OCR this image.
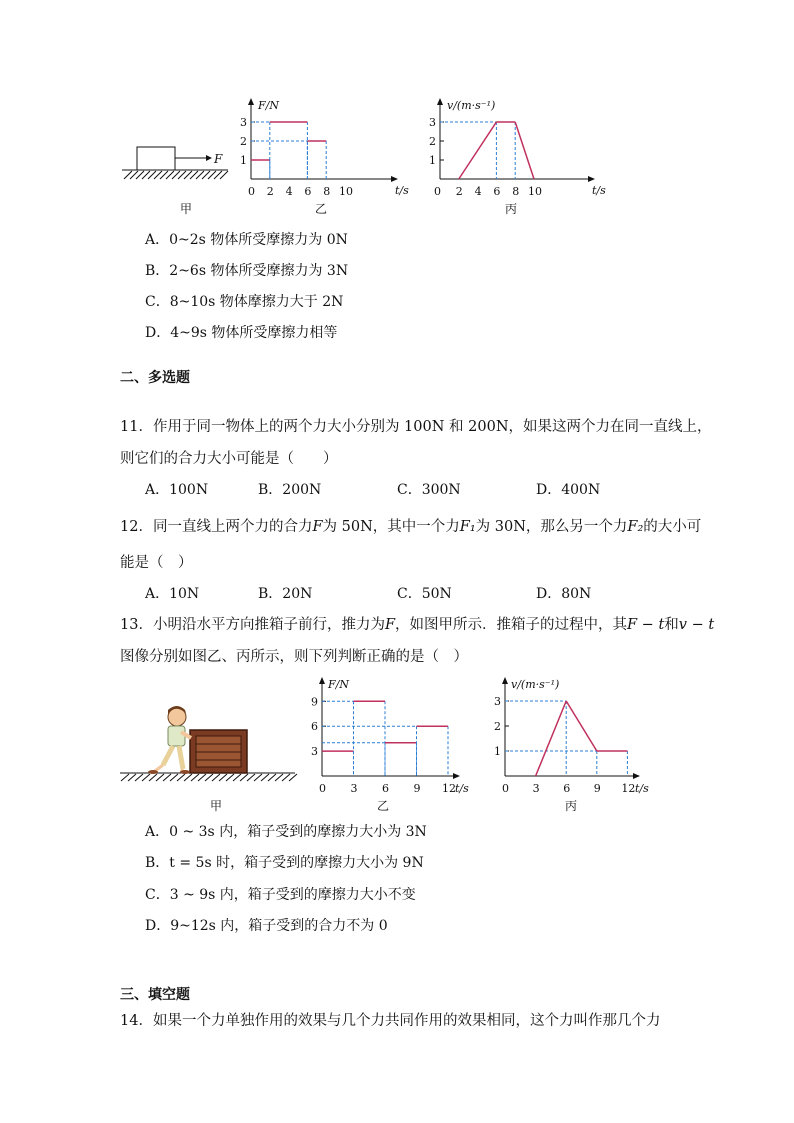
F
甲
F/N
t/s
0 2 4 6 8 10
1
2
3
乙
v/(m·s⁻¹)
t/s
0 2 4 6 8 10
1
2
3
丙
A．0~2s 物体所受摩擦力为 0N
B．2~6s 物体所受摩擦力为 3N
C．8~10s 物体摩擦力大于 2N
D．4~9s 物体所受摩擦力相等
二、多选题
11．作用于同一物体上的两个力大小分别为 100N 和 200N，如果这两个力在同一直线上，
则它们的合力大小可能是（　　）
A．100N	B．200N	C．300N	D．400N
12．同一直线上两个力的合力F为 50N，其中一个力F₁为 30N，那么另一个力F₂的大小可
能是（　）
A．10N	B．20N	C．50N	D．80N
13．小明沿水平方向推箱子前行，推力为F，如图甲所示．推箱子的过程中，其F − t和v − t
图像分别如图乙、丙所示，则下列判断正确的是（　）
甲
F/N
t/s
0 3 6 9 12
3
6
9
乙
v/(m·s⁻¹)
t/s
0 3 6 9 12
1
2
3
丙
A．0 ~ 3s 内，箱子受到的摩擦力大小为 3N
B．t = 5s 时，箱子受到的摩擦力大小为 9N
C．3 ~ 9s 内，箱子受到的摩擦力大小不变
D．9~12s 内，箱子受到的合力不为 0
三、填空题
14．如果一个力单独作用的效果与几个力共同作用的效果相同，这个力叫作那几个力
